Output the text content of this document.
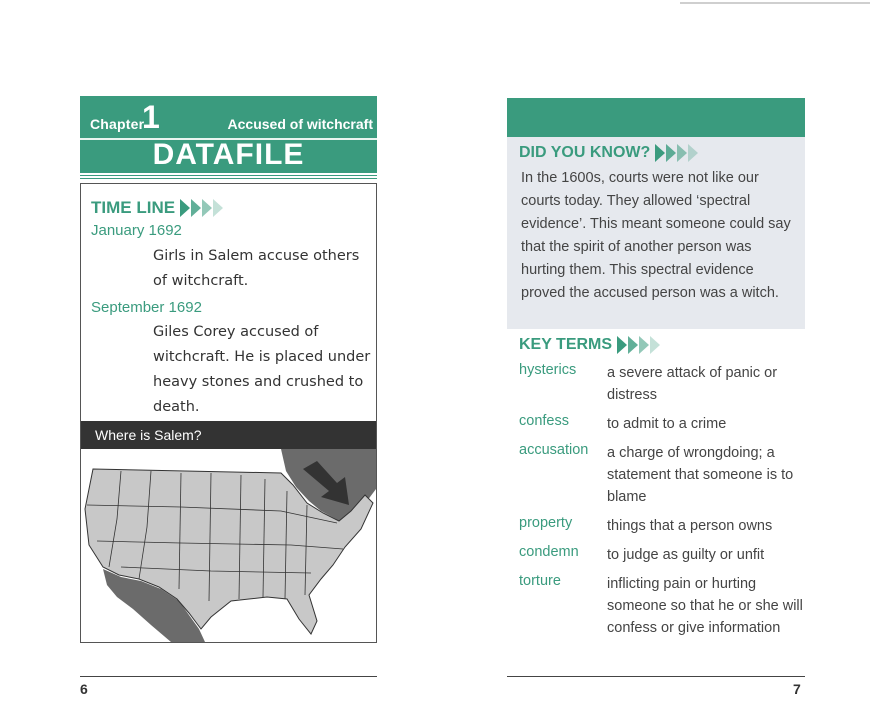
Chapter
1	Accused of witchcraft
DATAFILE
TIME LINE
January 1692
Girls in Salem accuse others of witchcraft.
September 1692
Giles Corey accused of witchcraft. He is placed under heavy stones and crushed to death.
Where is Salem?
6
DID YOU KNOW?
In the 1600s, courts were not like our courts today. They allowed ‘spectral evidence’. This meant someone could say that the spirit of another person was hurting them. This spectral evidence proved the accused person was a witch.
KEY TERMS
hysterics a severe attack of panic or distress
confess	to admit to a crime
accusation a charge of wrongdoing; a statement that someone is to blame
property things that a person owns
condemn to judge as guilty or unfit
torture	inflicting pain or hurting someone so that he or she will confess or give information
7
